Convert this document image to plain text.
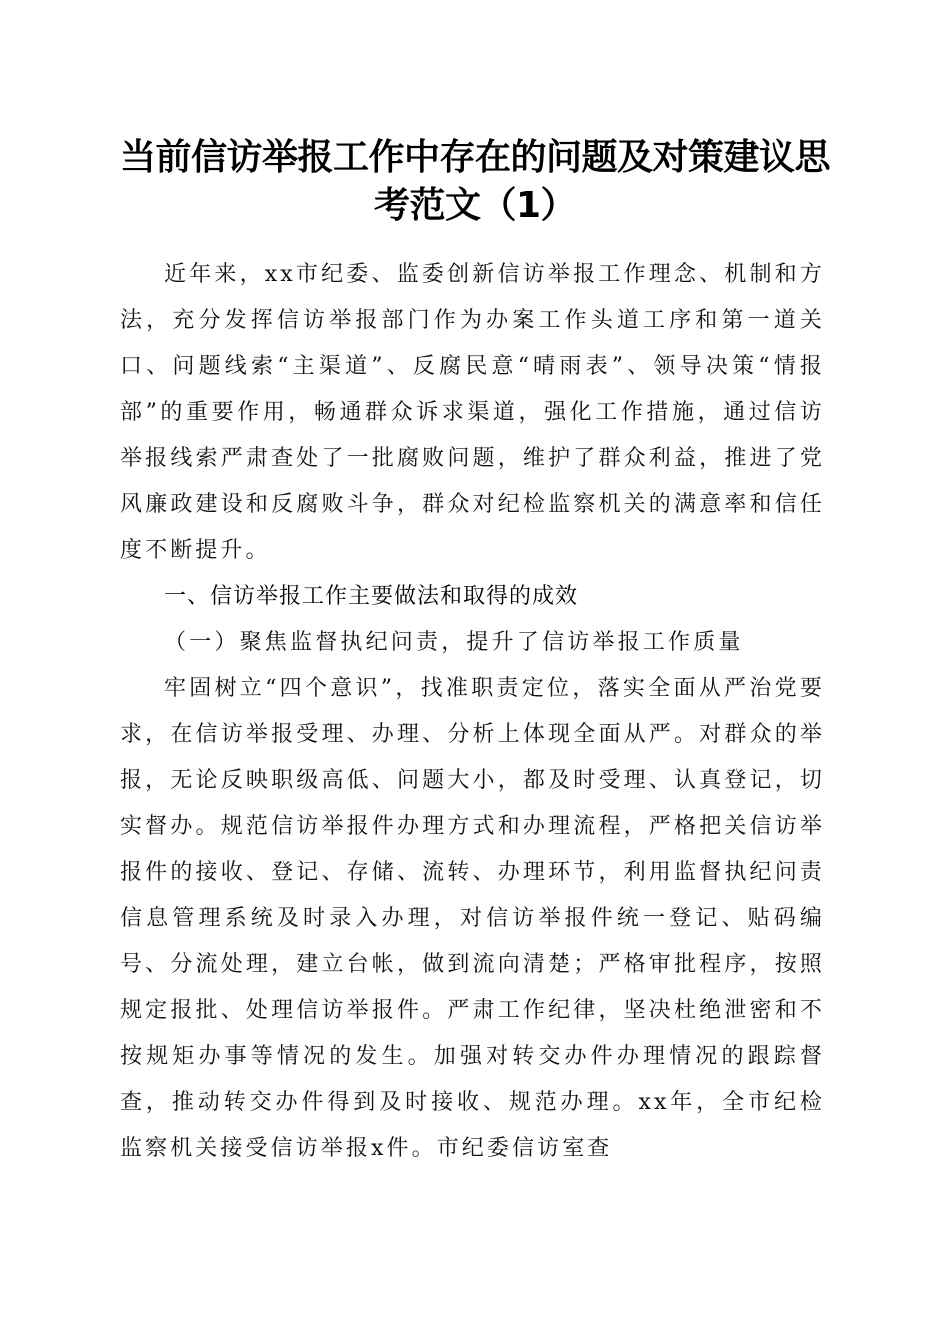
当前信访举报工作中存在的问题及对策建议思
考范文（1）

近年来，xx市纪委、监委创新信访举报工作理念、机制和方法，充分发挥信访举报部门作为办案工作头道工序和第一道关口、问题线索“主渠道”、反腐民意“晴雨表”、领导决策“情报部”的重要作用，畅通群众诉求渠道，强化工作措施，通过信访举报线索严肃查处了一批腐败问题，维护了群众利益，推进了党风廉政建设和反腐败斗争，群众对纪检监察机关的满意率和信任度不断提升。

一、信访举报工作主要做法和取得的成效

（一）聚焦监督执纪问责，提升了信访举报工作质量

牢固树立“四个意识”，找准职责定位，落实全面从严治党要求，在信访举报受理、办理、分析上体现全面从严。对群众的举报，无论反映职级高低、问题大小，都及时受理、认真登记，切实督办。规范信访举报件办理方式和办理流程，严格把关信访举报件的接收、登记、存储、流转、办理环节，利用监督执纪问责信息管理系统及时录入办理，对信访举报件统一登记、贴码编号、分流处理，建立台帐，做到流向清楚；严格审批程序，按照规定报批、处理信访举报件。严肃工作纪律，坚决杜绝泄密和不按规矩办事等情况的发生。加强对转交办件办理情况的跟踪督查，推动转交办件得到及时接收、规范办理。xx年，全市纪检监察机关接受信访举报x件。市纪委信访室查
